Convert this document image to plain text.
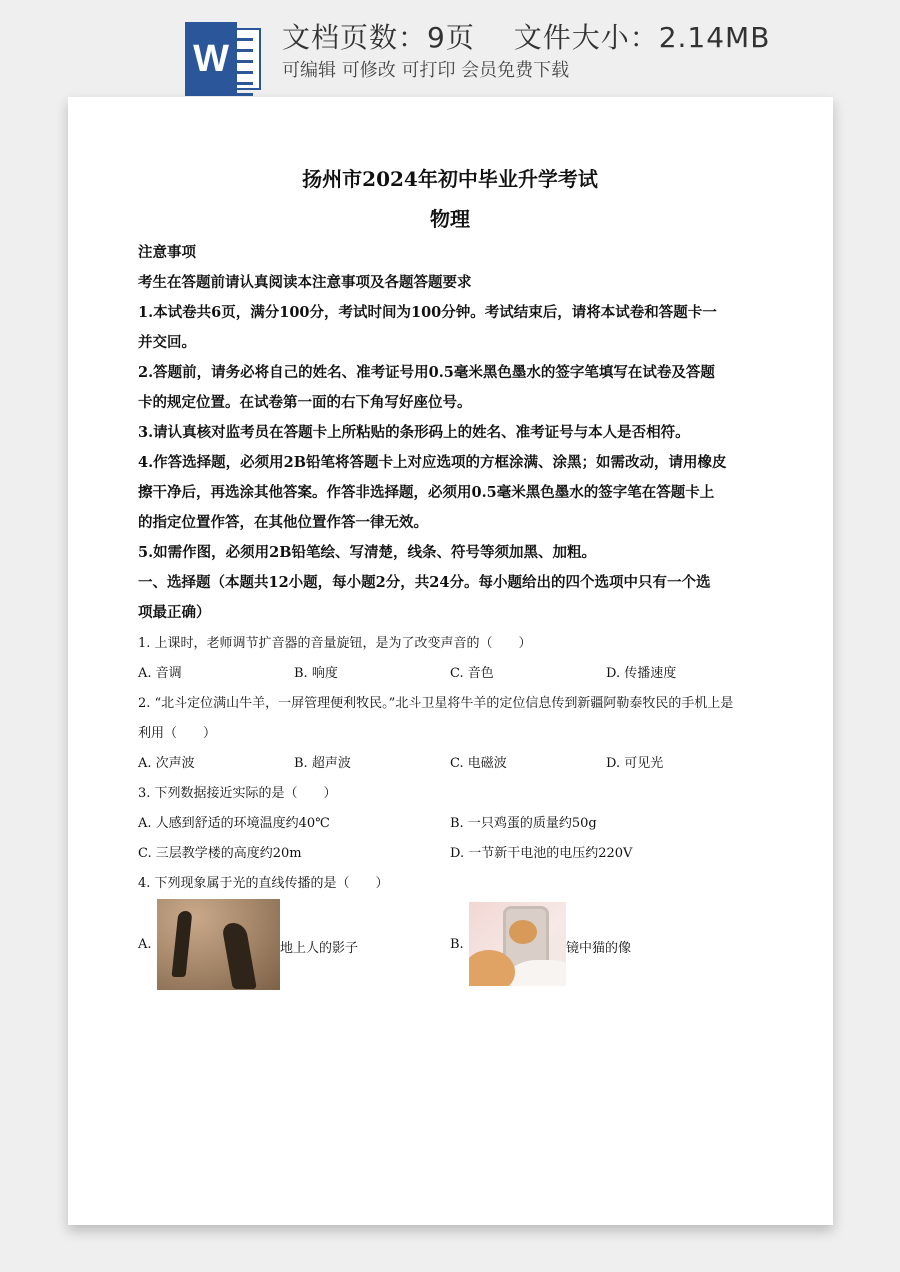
W 文档页数：9页　 文件大小：2.14MB
可编辑 可修改 可打印 会员免费下载
扬州市2024年初中毕业升学考试
物理
注意事项
考生在答题前请认真阅读本注意事项及各题答题要求
1.本试卷共6页，满分100分，考试时间为100分钟。考试结束后，请将本试卷和答题卡一
并交回。
2.答题前，请务必将自己的姓名、准考证号用0.5毫米黑色墨水的签字笔填写在试卷及答题
卡的规定位置。在试卷第一面的右下角写好座位号。
3.请认真核对监考员在答题卡上所粘贴的条形码上的姓名、准考证号与本人是否相符。
4.作答选择题，必须用2B铅笔将答题卡上对应选项的方框涂满、涂黑；如需改动，请用橡皮
擦干净后，再选涂其他答案。作答非选择题，必须用0.5毫米黑色墨水的签字笔在答题卡上
的指定位置作答，在其他位置作答一律无效。
5.如需作图，必须用2B铅笔绘、写清楚，线条、符号等须加黑、加粗。
一、选择题（本题共12小题，每小题2分，共24分。每小题给出的四个选项中只有一个选
项最正确）
1. 上课时，老师调节扩音器的音量旋钮，是为了改变声音的（　　）
A. 音调	B. 响度	C. 音色	D. 传播速度
2. “北斗定位满山牛羊，一屏管理便利牧民。”北斗卫星将牛羊的定位信息传到新疆阿勒泰牧民的手机上是
利用（　　）
A. 次声波	B. 超声波	C. 电磁波	D. 可见光
3. 下列数据接近实际的是（　　）
A. 人感到舒适的环境温度约40℃	B. 一只鸡蛋的质量约50g
C. 三层教学楼的高度约20m	D. 一节新干电池的电压约220V
4. 下列现象属于光的直线传播的是（　　）
A.	地上人的影子	B.	镜中猫的像
